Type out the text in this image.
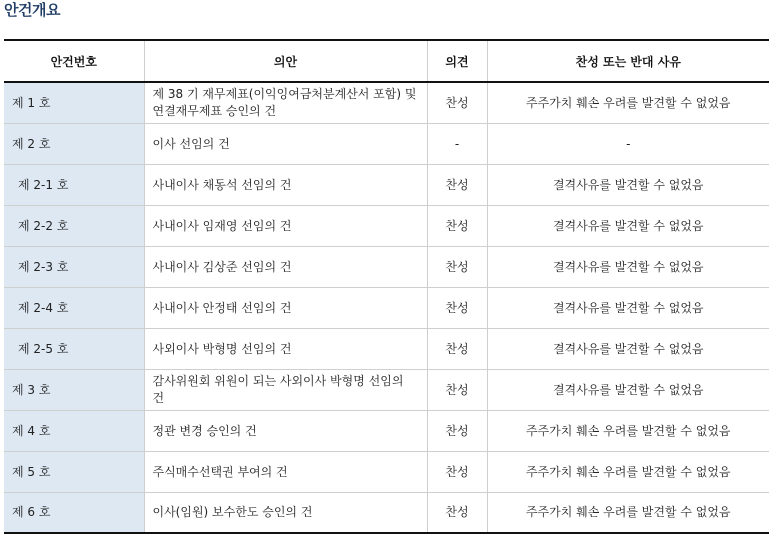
안건개요
안건번호	의안	의견	찬성 또는 반대 사유
제 1 호	제 38 기 재무제표(이익잉여금처분계산서 포함) 및 연결재무제표 승인의 건	찬성	주주가치 훼손 우려를 발견할 수 없었음
제 2 호	이사 선임의 건	-	-
제 2-1 호	사내이사 채동석 선임의 건	찬성	결격사유를 발견할 수 없었음
제 2-2 호	사내이사 임재영 선임의 건	찬성	결격사유를 발견할 수 없었음
제 2-3 호	사내이사 김상준 선임의 건	찬성	결격사유를 발견할 수 없었음
제 2-4 호	사내이사 안정태 선임의 건	찬성	결격사유를 발견할 수 없었음
제 2-5 호	사외이사 박형명 선임의 건	찬성	결격사유를 발견할 수 없었음
제 3 호	감사위원회 위원이 되는 사외이사 박형명 선임의 건	찬성	결격사유를 발견할 수 없었음
제 4 호	정관 변경 승인의 건	찬성	주주가치 훼손 우려를 발견할 수 없었음
제 5 호	주식매수선택권 부여의 건	찬성	주주가치 훼손 우려를 발견할 수 없었음
제 6 호	이사(임원) 보수한도 승인의 건	찬성	주주가치 훼손 우려를 발견할 수 없었음
